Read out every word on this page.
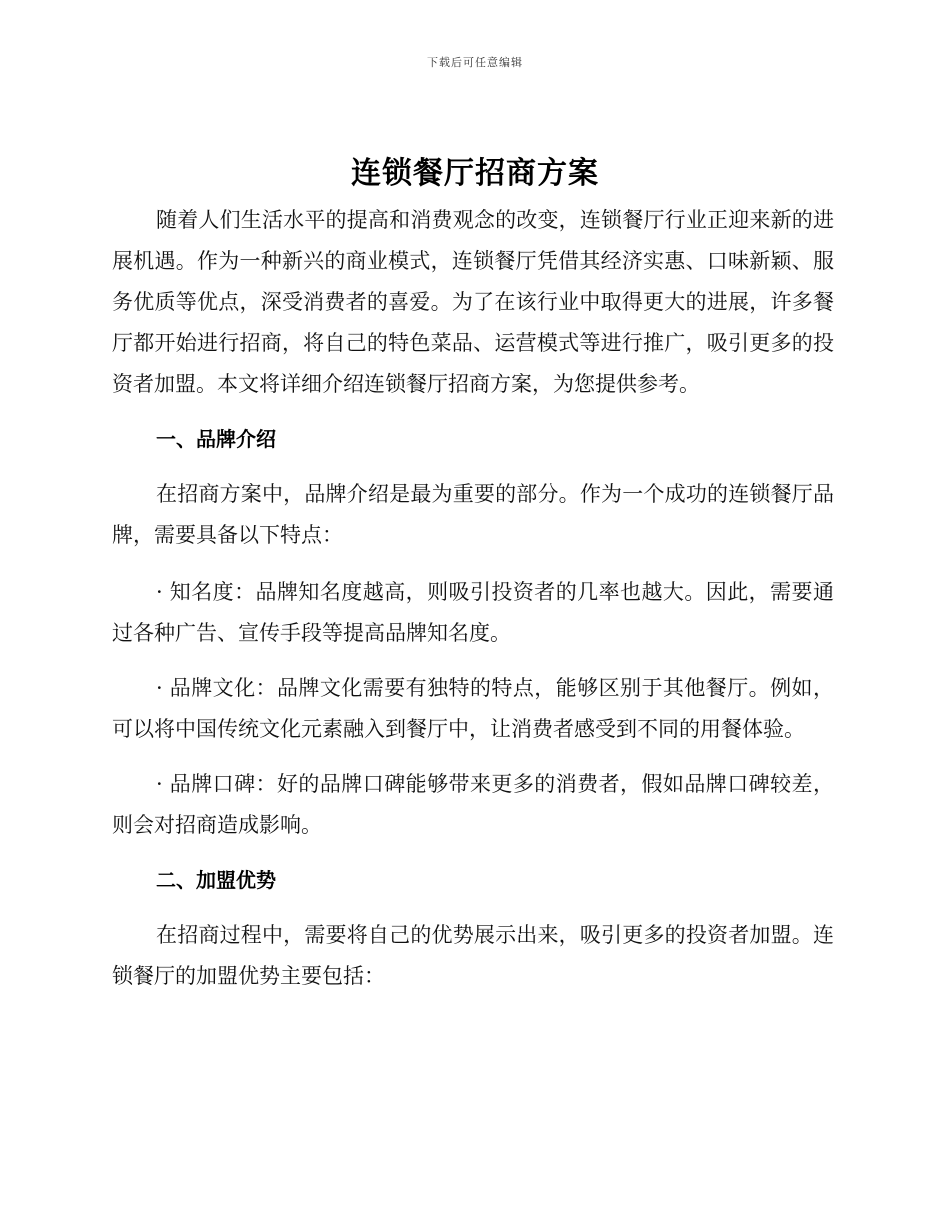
下载后可任意编辑
连锁餐厅招商方案

随着人们生活水平的提高和消费观念的改变，连锁餐厅行业正迎来新的进展机遇。作为一种新兴的商业模式，连锁餐厅凭借其经济实惠、口味新颖、服务优质等优点，深受消费者的喜爱。为了在该行业中取得更大的进展，许多餐厅都开始进行招商，将自己的特色菜品、运营模式等进行推广，吸引更多的投资者加盟。本文将详细介绍连锁餐厅招商方案，为您提供参考。

一、品牌介绍

在招商方案中，品牌介绍是最为重要的部分。作为一个成功的连锁餐厅品牌，需要具备以下特点：

· 知名度：品牌知名度越高，则吸引投资者的几率也越大。因此，需要通过各种广告、宣传手段等提高品牌知名度。

· 品牌文化：品牌文化需要有独特的特点，能够区别于其他餐厅。例如，可以将中国传统文化元素融入到餐厅中，让消费者感受到不同的用餐体验。

· 品牌口碑：好的品牌口碑能够带来更多的消费者，假如品牌口碑较差，则会对招商造成影响。

二、加盟优势

在招商过程中，需要将自己的优势展示出来，吸引更多的投资者加盟。连锁餐厅的加盟优势主要包括：
